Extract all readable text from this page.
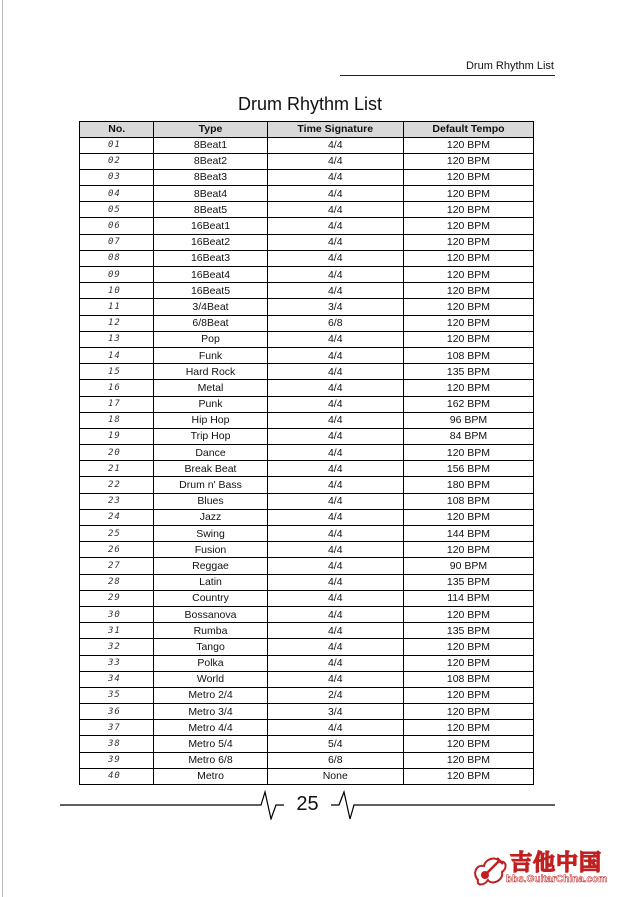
Drum Rhythm List
Drum Rhythm List
No.	Type	Time Signature	Default Tempo
01	8Beat1	4/4	120 BPM
02	8Beat2	4/4	120 BPM
03	8Beat3	4/4	120 BPM
04	8Beat4	4/4	120 BPM
05	8Beat5	4/4	120 BPM
06	16Beat1	4/4	120 BPM
07	16Beat2	4/4	120 BPM
08	16Beat3	4/4	120 BPM
09	16Beat4	4/4	120 BPM
10	16Beat5	4/4	120 BPM
11	3/4Beat	3/4	120 BPM
12	6/8Beat	6/8	120 BPM
13	Pop	4/4	120 BPM
14	Funk	4/4	108 BPM
15	Hard Rock	4/4	135 BPM
16	Metal	4/4	120 BPM
17	Punk	4/4	162 BPM
18	Hip Hop	4/4	96 BPM
19	Trip Hop	4/4	84 BPM
20	Dance	4/4	120 BPM
21	Break Beat	4/4	156 BPM
22	Drum n' Bass	4/4	180 BPM
23	Blues	4/4	108 BPM
24	Jazz	4/4	120 BPM
25	Swing	4/4	144 BPM
26	Fusion	4/4	120 BPM
27	Reggae	4/4	90 BPM
28	Latin	4/4	135 BPM
29	Country	4/4	114 BPM
30	Bossanova	4/4	120 BPM
31	Rumba	4/4	135 BPM
32	Tango	4/4	120 BPM
33	Polka	4/4	120 BPM
34	World	4/4	108 BPM
35	Metro 2/4	2/4	120 BPM
36	Metro 3/4	3/4	120 BPM
37	Metro 4/4	4/4	120 BPM
38	Metro 5/4	5/4	120 BPM
39	Metro 6/8	6/8	120 BPM
40	Metro	None	120 BPM
25
吉他中国
bbs.GuitarChina.com
